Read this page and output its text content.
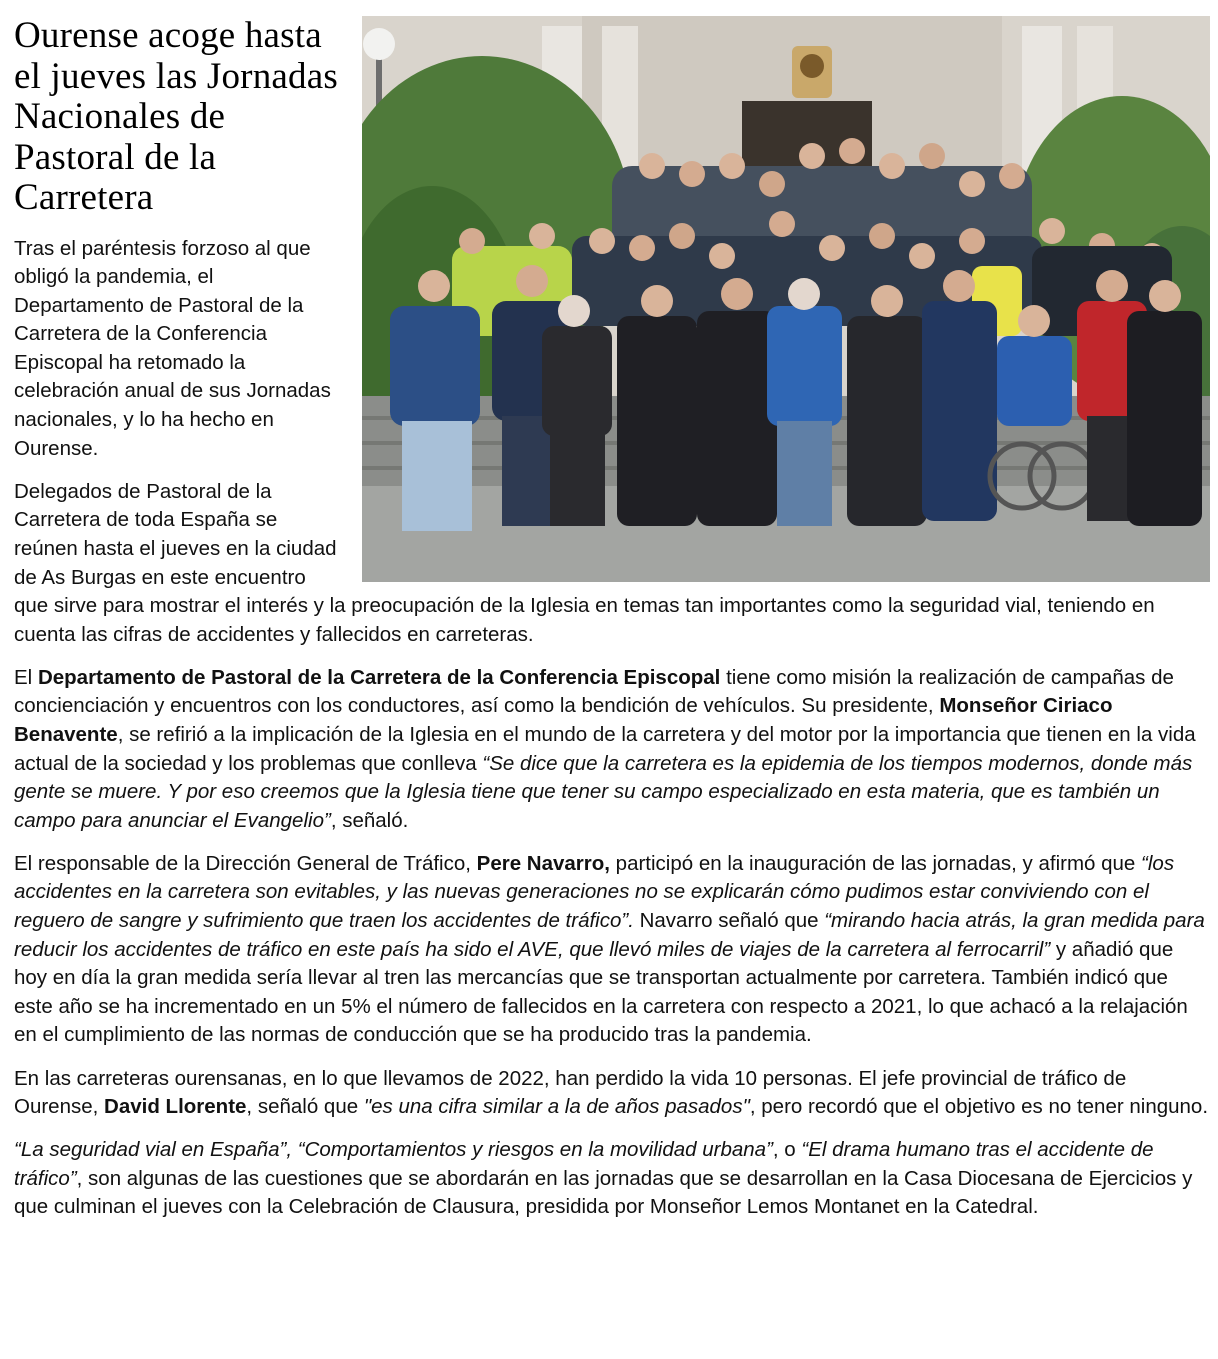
Ourense acoge hasta el jueves las Jornadas Nacionales de Pastoral de la Carretera

Tras el paréntesis forzoso al que obligó la pandemia, el Departamento de Pastoral de la Carretera de la Conferencia Episcopal ha retomado la celebración anual de sus Jornadas nacionales, y lo ha hecho en Ourense.

Delegados de Pastoral de la Carretera de toda España se reúnen hasta el jueves en la ciudad de As Burgas en este encuentro que sirve para mostrar el interés y la preocupación de la Iglesia en temas tan importantes como la seguridad vial, teniendo en cuenta las cifras de accidentes y fallecidos en carreteras.

El Departamento de Pastoral de la Carretera de la Conferencia Episcopal tiene como misión la realización de campañas de concienciación y encuentros con los conductores, así como la bendición de vehículos. Su presidente, Monseñor Ciriaco Benavente, se refirió a la implicación de la Iglesia en el mundo de la carretera y del motor por la importancia que tienen en la vida actual de la sociedad y los problemas que conlleva “Se dice que la carretera es la epidemia de los tiempos modernos, donde más gente se muere. Y por eso creemos que la Iglesia tiene que tener su campo especializado en esta materia, que es también un campo para anunciar el Evangelio”, señaló.

El responsable de la Dirección General de Tráfico, Pere Navarro, participó en la inauguración de las jornadas, y afirmó que “los accidentes en la carretera son evitables, y las nuevas generaciones no se explicarán cómo pudimos estar conviviendo con el reguero de sangre y sufrimiento que traen los accidentes de tráfico”. Navarro señaló que “mirando hacia atrás, la gran medida para reducir los accidentes de tráfico en este país ha sido el AVE, que llevó miles de viajes de la carretera al ferrocarril” y añadió que hoy en día la gran medida sería llevar al tren las mercancías que se transportan actualmente por carretera. También indicó que este año se ha incrementado en un 5% el número de fallecidos en la carretera con respecto a 2021, lo que achacó a la relajación en el cumplimiento de las normas de conducción que se ha producido tras la pandemia.

En las carreteras ourensanas, en lo que llevamos de 2022, han perdido la vida 10 personas. El jefe provincial de tráfico de Ourense, David Llorente, señaló que "es una cifra similar a la de años pasados", pero recordó que el objetivo es no tener ninguno.

“La seguridad vial en España”, “Comportamientos y riesgos en la movilidad urbana”, o “El drama humano tras el accidente de tráfico”, son algunas de las cuestiones que se abordarán en las jornadas que se desarrollan en la Casa Diocesana de Ejercicios y que culminan el jueves con la Celebración de Clausura, presidida por Monseñor Lemos Montanet en la Catedral.
